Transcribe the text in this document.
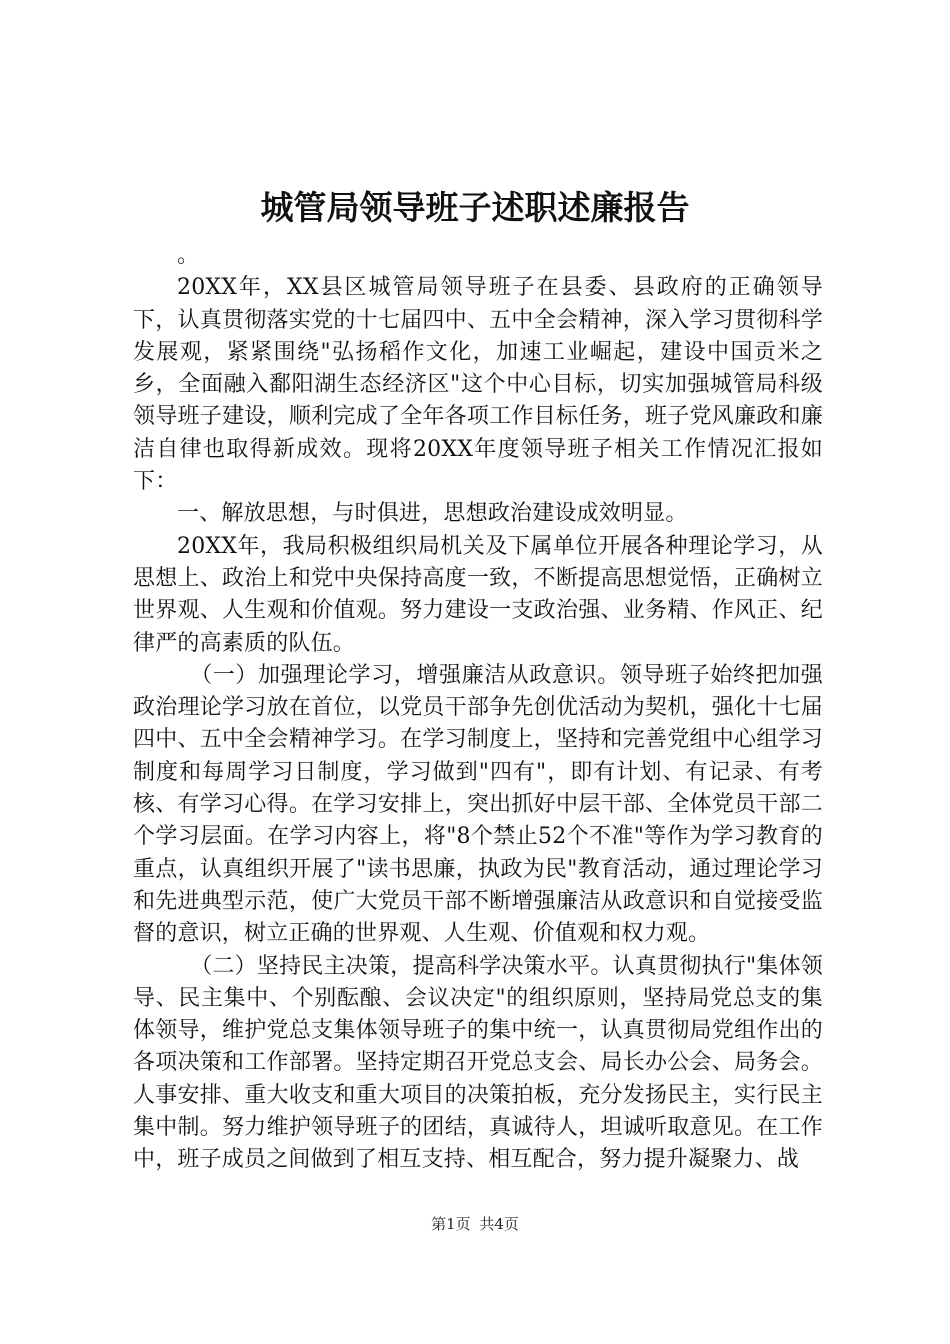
城管局领导班子述职述廉报告

。

20XX年，XX县区城管局领导班子在县委、县政府的正确领导下，认真贯彻落实党的十七届四中、五中全会精神，深入学习贯彻科学发展观，紧紧围绕"弘扬稻作文化，加速工业崛起，建设中国贡米之乡，全面融入鄱阳湖生态经济区"这个中心目标，切实加强城管局科级领导班子建设，顺利完成了全年各项工作目标任务，班子党风廉政和廉洁自律也取得新成效。现将20XX年度领导班子相关工作情况汇报如下：

一、解放思想，与时俱进，思想政治建设成效明显。

20XX年，我局积极组织局机关及下属单位开展各种理论学习，从思想上、政治上和党中央保持高度一致，不断提高思想觉悟，正确树立世界观、人生观和价值观。努力建设一支政治强、业务精、作风正、纪律严的高素质的队伍。

（一）加强理论学习，增强廉洁从政意识。领导班子始终把加强政治理论学习放在首位，以党员干部争先创优活动为契机，强化十七届四中、五中全会精神学习。在学习制度上，坚持和完善党组中心组学习制度和每周学习日制度，学习做到"四有"，即有计划、有记录、有考核、有学习心得。在学习安排上，突出抓好中层干部、全体党员干部二个学习层面。在学习内容上，将"8个禁止52个不准"等作为学习教育的重点，认真组织开展了"读书思廉，执政为民"教育活动，通过理论学习和先进典型示范，使广大党员干部不断增强廉洁从政意识和自觉接受监督的意识，树立正确的世界观、人生观、价值观和权力观。

（二）坚持民主决策，提高科学决策水平。认真贯彻执行"集体领导、民主集中、个别酝酿、会议决定"的组织原则，坚持局党总支的集体领导，维护党总支集体领导班子的集中统一，认真贯彻局党组作出的各项决策和工作部署。坚持定期召开党总支会、局长办公会、局务会。人事安排、重大收支和重大项目的决策拍板，充分发扬民主，实行民主集中制。努力维护领导班子的团结，真诚待人，坦诚听取意见。在工作中，班子成员之间做到了相互支持、相互配合，努力提升凝聚力、战

第1页 共4页
